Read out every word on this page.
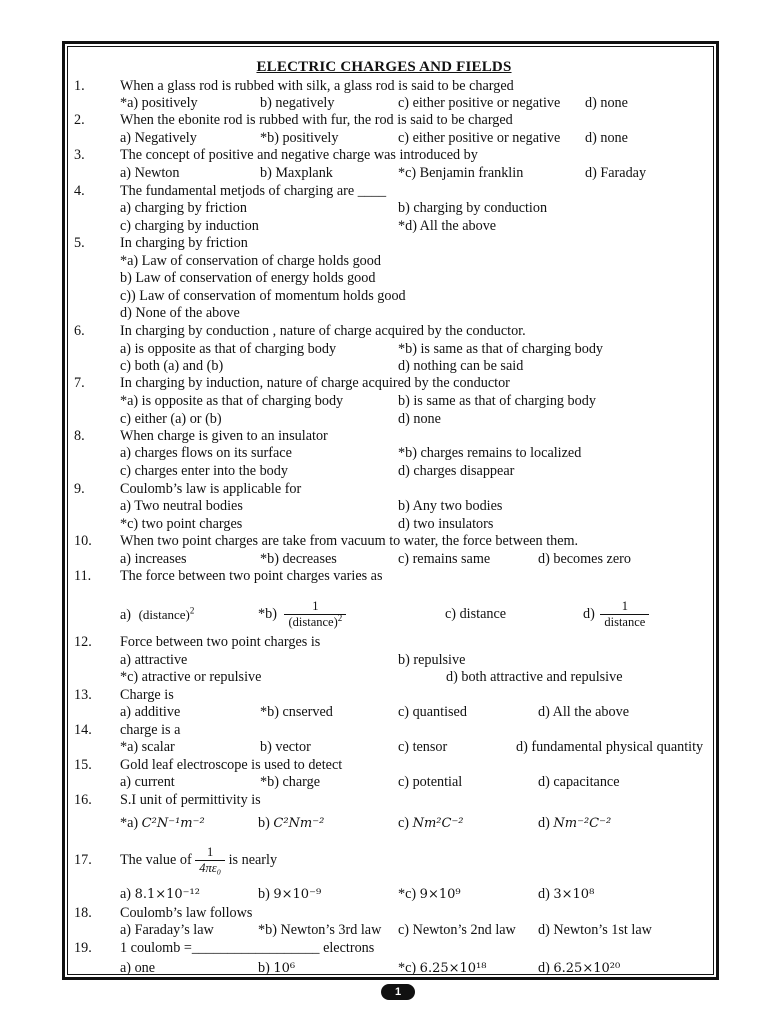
ELECTRIC CHARGES AND FIELDS
1. When a glass rod is rubbed with silk, a glass rod is said to be charged
*a) positively	b) negatively	c) either positive or negative d) none
2. When the ebonite rod is rubbed with fur, the rod is said to be charged
a) Negatively	*b) positively	c) either positive or negative d) none
3. The concept of positive and negative charge was introduced by
a) Newton	b) Maxplank	*c) Benjamin franklin	d) Faraday
4. The fundamental metjods of charging are ____
a) charging by friction	b) charging by conduction
c) charging by induction	*d) All the above
5. In charging by friction
*a) Law of conservation of charge holds good
b) Law of conservation of energy holds good
c)) Law of conservation of momentum holds good
d) None of the above
6. In charging by conduction , nature of charge acquired by the conductor.
a) is opposite as that of charging body	*b) is same as that of charging body
c) both (a) and (b)	d) nothing can be said
7. In charging by induction, nature of charge acquired by the conductor
*a) is opposite as that of charging body	b) is same as that of charging body
c) either (a) or (b)	d) none
8. When charge is given to an insulator
a) charges flows on its surface	*b) charges remains to localized
c) charges enter into the body	d) charges disappear
9. Coulomb’s law is applicable for
a) Two neutral bodies	b) Any two bodies
*c) two point charges	d) two insulators
10. When two point charges are take from vacuum to water, the force between them.
a) increases	*b) decreases	c) remains same	d) becomes zero
11. The force between two point charges varies as
a) (distance)$^2$	$*b) \frac{1}{(distance)^2}$	c) distance	$d) \frac{1}{\text{distance}}$
12. Force between two point charges is
a) attractive	b) repulsive
*c) atractive or repulsive	d) both attractive and repulsive
13. Charge is
a) additive	*b) cnserved	c) quantised	d) All the above
14. charge is a
*a) scalar	b) vector	c) tensor	d) fundamental physical quantity
15. Gold leaf electroscope is used to detect
a) current	*b) charge	c) potential	d) capacitance
16. S.I unit of permittivity is
*a) C²N⁻¹m⁻²	b) C²Nm⁻²	c) Nm²C⁻²	d) Nm⁻²C⁻²
17. The value of $\frac{1}{\text{4πε₀}}$ is nearly
a) 8.1×10⁻¹²	b) 9×10⁻⁹	*c) 9×10⁹	d) 3×10⁸
18. Coulomb’s law follows
a) Faraday’s law	*b) Newton’s 3rd law c) Newton’s 2nd law d) Newton’s 1st law
19. 1 coulomb =__________________ electrons
a) one	b) 10⁶	*c) 6.25×10¹⁸	d) 6.25×10²⁰
1
